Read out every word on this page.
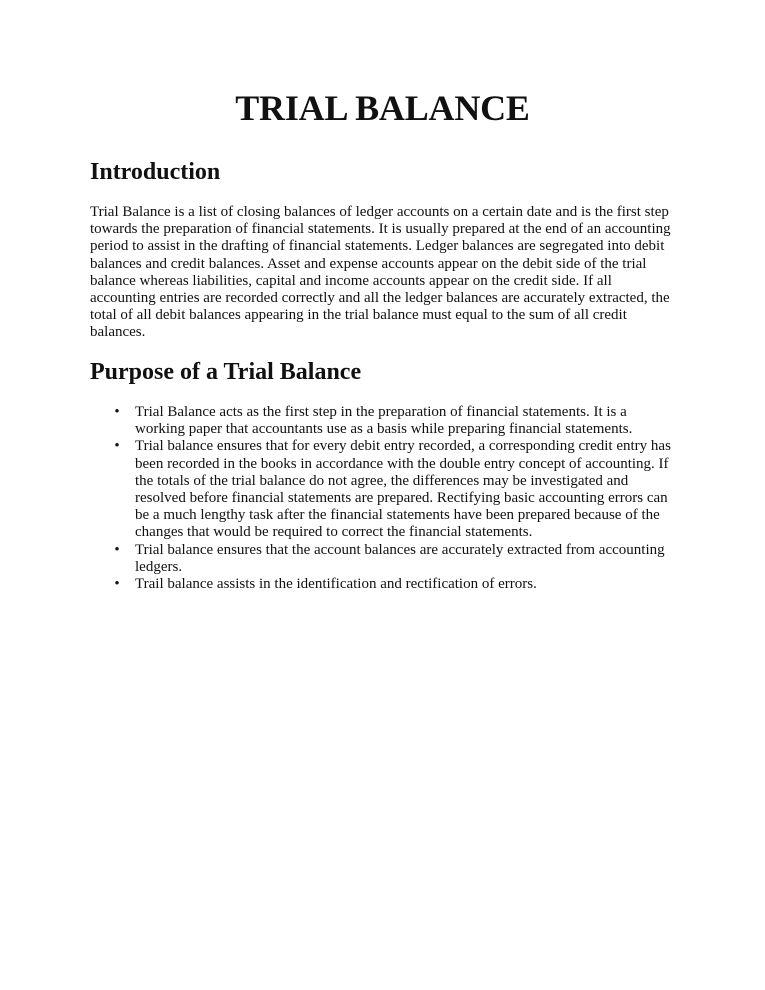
TRIAL BALANCE
Introduction

Trial Balance is a list of closing balances of ledger accounts on a certain date and is the first step
towards the preparation of financial statements. It is usually prepared at the end of an accounting
period to assist in the drafting of financial statements. Ledger balances are segregated into debit
balances and credit balances. Asset and expense accounts appear on the debit side of the trial
balance whereas liabilities, capital and income accounts appear on the credit side. If all
accounting entries are recorded correctly and all the ledger balances are accurately extracted, the
total of all debit balances appearing in the trial balance must equal to the sum of all credit
balances.

Purpose of a Trial Balance
• Trial Balance acts as the first step in the preparation of financial statements. It is a
working paper that accountants use as a basis while preparing financial statements.
• Trial balance ensures that for every debit entry recorded, a corresponding credit entry has
been recorded in the books in accordance with the double entry concept of accounting. If
the totals of the trial balance do not agree, the differences may be investigated and
resolved before financial statements are prepared. Rectifying basic accounting errors can
be a much lengthy task after the financial statements have been prepared because of the
changes that would be required to correct the financial statements.
• Trial balance ensures that the account balances are accurately extracted from accounting
ledgers.
• Trail balance assists in the identification and rectification of errors.
